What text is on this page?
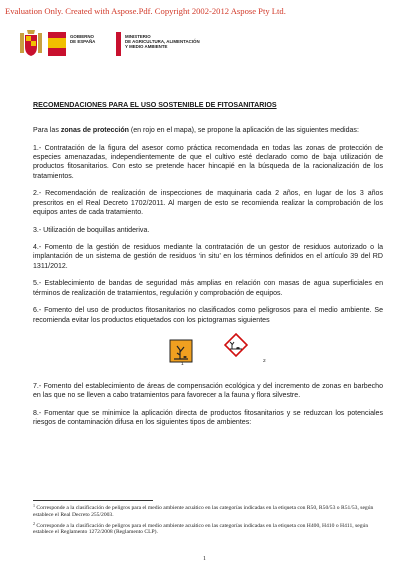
Evaluation Only. Created with Aspose.Pdf. Copyright 2002-2012 Aspose Pty Ltd.
GOBIERNO
DE ESPAÑA
MINISTERIO
DE AGRICULTURA, ALIMENTACIÓN
Y MEDIO AMBIENTE

RECOMENDACIONES PARA EL USO SOSTENIBLE DE FITOSANITARIOS

Para las zonas de protección (en rojo en el mapa), se propone la aplicación de las siguientes medidas:

1.- Contratación de la figura del asesor como práctica recomendada en todas las zonas de protección de especies amenazadas, independientemente de que el cultivo esté declarado como de baja utilización de productos fitosanitarios. Con esto se pretende hacer hincapié en la búsqueda de la racionalización de los tratamientos.

2.- Recomendación de realización de inspecciones de maquinaria cada 2 años, en lugar de los 3 años prescritos en el Real Decreto 1702/2011. Al margen de esto se recomienda realizar la comprobación de los equipos antes de cada tratamiento.

3.- Utilización de boquillas antideriva.

4.- Fomento de la gestión de residuos mediante la contratación de un gestor de residuos autorizado o la implantación de un sistema de gestión de residuos ‘in situ’ en los términos definidos en el artículo 39 del RD 1311/2012.

5.- Establecimiento de bandas de seguridad más amplias en relación con masas de agua superficiales en términos de realización de tratamientos, regulación y comprobación de equipos.

6.- Fomento del uso de productos fitosanitarios no clasificados como peligrosos para el medio ambiente. Se recomienda evitar los productos etiquetados con los pictogramas siguientes

1
2

7.- Fomento del establecimiento de áreas de compensación ecológica y del incremento de zonas en barbecho en las que no se lleven a cabo tratamientos para favorecer a la fauna y flora silvestre.

8.- Fomentar que se minimice la aplicación directa de productos fitosanitarios y se reduzcan los potenciales riesgos de contaminación difusa en los siguientes tipos de ambientes:

$^1$ Corresponde a la clasificación de peligros para el medio ambiente acuático en las categorías indicadas en la etiqueta con R50, R50/53 o R51/53, según establece el Real Decreto 255/2003.

$^2$ Corresponde a la clasificación de peligros para el medio ambiente acuático en las categorías indicadas en la etiqueta con H400, H410 o H411, según establece el Reglamento 1272/2008 (Reglamento CLP).

1
